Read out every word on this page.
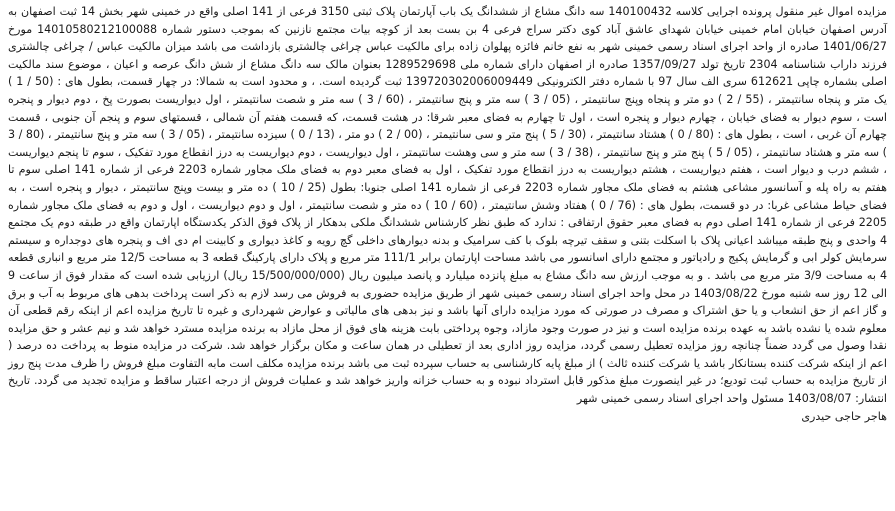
مزایده اموال غیر منقول پرونده اجرایی کلاسه 140100432 سه دانگ مشاع از ششدانگ یک باب آپارتمان پلاک ثبتی 3150 فرعی از 141 اصلی واقع در خمینی شهر بخش 14 ثبت اصفهان به آدرس اصفهان خیابان امام خمینی خیابان شهدای عاشق آباد کوی دکتر سراج فرعی 4 بن بست بعد از کوچه بیات مجتمع نازنین که بموجب دستور شماره 14010580212100088 مورخ 1401/06/27 صادره از واحد اجرای اسناد رسمی خمینی شهر به نفع خانم فائزه پهلوان زاده برای مالکیت عباس چراغی چالشتری بازداشت می باشد میزان مالکیت عباس / چراغی چالشتری فرزند داراب شناسنامه 2304 تاریخ تولد 1357/09/27 صادره از اصفهان دارای شماره ملی 1289529698 بعنوان مالک سه دانگ مشاع از شش دانگ عرصه و اعیان ، موضوع سند مالکیت اصلی بشماره چاپی 612621 سری الف سال 97 با شماره دفتر الکترونیکی 139720302006009449 ثبت گردیده است. ، و محدود است به شمالا: در چهار قسمت، بطول های : (50 / 1 ) یک متر و پنجاه سانتیمتر ، (55 / 2 ) دو متر و پنجاه وپنج سانتیمتر ، (05 / 3 ) سه متر و پنج سانتیمتر ، (60 / 3 ) سه متر و شصت سانتیمتر ، اول دیواریست بصورت پخ ، دوم دیوار و پنجره است ، سوم دیوار به فضای خیابان ، چهارم دیوار و پنجره است ، اول تا چهارم به فضای معبر شرقا: در هشت قسمت، که قسمت هفتم آن شمالی ، قسمتهای سوم و پنجم آن جنوبی ، قسمت چهارم آن غربی ، است ، بطول های : (80 / 0 ) هشتاد سانتیمتر ، (30 / 5 ) پنج متر و سی سانتیمتر ، (00 / 2 ) دو متر ، (13 / 0 ) سیزده سانتیمتر ، (05 / 3 ) سه متر و پنج سانتیمتر ، (80 / 3 ) سه متر و هشتاد سانتیمتر ، (05 / 5 ) پنج متر و پنج سانتیمتر ، (38 / 3 ) سه متر و سی وهشت سانتیمتر ، اول دیواریست ، دوم دیواریست به درز انقطاع مورد تفکیک ، سوم تا پنجم دیواریست ، ششم درب و دیوار است ، هفتم دیواریست ، هشتم دیواریست به درز انقطاع مورد تفکیک ، اول به فضای معبر دوم به فضای ملک مجاور شماره 2203 فرعی از شماره 141 اصلی سوم تا هفتم به راه پله و آسانسور مشاعی هشتم به فضای ملک مجاور شماره 2203 فرعی از شماره 141 اصلی جنوبا: بطول (25 / 10 ) ده متر و بیست وپنج سانتیمتر ، دیوار و پنجره است ، به فضای حیاط مشاعی غربا: در دو قسمت، بطول های : (76 / 0 ) هفتاد وشش سانتیمتر ، (60 / 10 ) ده متر و شصت سانتیمتر ، اول و دوم دیواریست ، اول و دوم به فضای ملک مجاور شماره 2205 فرعی از شماره 141 اصلی دوم به فضای معبر حقوق ارتفاقی : ندارد که طبق نظر کارشناس ششدانگ ملکی بدهکار از پلاک فوق الذکر یکدستگاه اپارتمان واقع در طبقه دوم یک مجتمع 4 واحدی و پنج طبقه میباشد اعیانی پلاک با اسکلت بتنی و سقف تیرچه بلوک با کف سرامیک و بدنه دیوارهای داخلی گچ رویه و کاغذ دیواری و کابینت ام دی اف و پنجره های دوجداره و سیستم سرمایش کولر ابی و گرمایش پکیج و رادیاتور و مجتمع دارای اسانسور می باشد مساحت اپارتمان برابر 111/1 متر مربع و پلاک دارای پارکینگ قطعه 3 به مساحت 12/5 متر مربع و انباری قطعه 4 به مساحت 3/9 متر مربع می باشد . و به موجب ارزش سه دانگ مشاع به مبلغ پانزده میلیارد و پانصد میلیون ریال (15/500/000/000 ریال) ارزیابی شده است که مقدار فوق از ساعت 9 الی 12 روز سه شنبه مورخ 1403/08/22 در محل واحد اجرای اسناد رسمی خمینی شهر از طریق مزایده حضوری به فروش می رسد لازم به ذکر است پرداخت بدهی های مربوط به آب و برق و گاز اعم از حق انشعاب و یا حق اشتراک و مصرف در صورتی که مورد مزایده دارای آنها باشد و نیز بدهی های مالیاتی و عوارض شهرداری و غیره تا تاریخ مزایده اعم از اینکه رقم قطعی آن معلوم شده یا نشده باشد به عهده برنده مزایده است و نیز در صورت وجود مازاد، وجوه پرداختی بابت هزینه های فوق از محل مازاد به برنده مزایده مسترد خواهد شد و نیم عشر و حق مزایده نقدا وصول می گردد ضمناً چنانچه روز مزایده تعطیل رسمی گردد، مزایده روز اداری بعد از تعطیلی در همان ساعت و مکان برگزار خواهد شد. شرکت در مزایده منوط به پرداخت ده درصد ( اعم از اینکه شرکت کننده بستانکار باشد یا شرکت کننده ثالث ) از مبلغ پایه کارشناسی به حساب سپرده ثبت می باشد برنده مزایده مکلف است مابه التفاوت مبلغ فروش را ظرف مدت پنج روز از تاریخ مزایده به حساب ثبت تودیع؛ در غیر اینصورت مبلغ مذکور قابل استرداد نبوده و به حساب خزانه واریز خواهد شد و عملیات فروش از درجه اعتبار ساقط و مزایده تجدید می گردد. تاریخ انتشار: 1403/08/07 مسئول واحد اجرای اسناد رسمی خمینی شهر

هاجر حاجی حیدری
